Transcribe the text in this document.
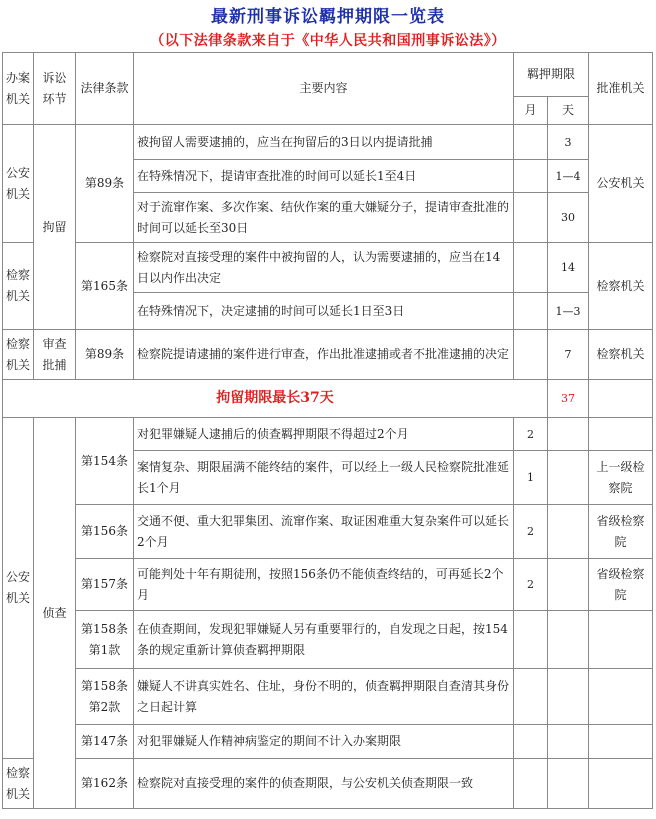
最新刑事诉讼羁押期限一览表
（以下法律条款来自于《中华人民共和国刑事诉讼法》）
办案机关	诉讼环节	法律条款	主要内容	羁押期限		批准机关
				月	天	
公安机关	拘留	第89条	被拘留人需要逮捕的，应当在拘留后的3日以内提请批捕		3	公安机关
			在特殊情况下，提请审查批准的时间可以延长1至4日		1—4	
			对于流窜作案、多次作案、结伙作案的重大嫌疑分子，提请审查批准的时间可以延长至30日		30	
检察机关		第165条	检察院对直接受理的案件中被拘留的人，认为需要逮捕的，应当在14日以内作出决定		14	检察机关
			在特殊情况下，决定逮捕的时间可以延长1日至3日		1—3	
检察机关	审查批捕	第89条	检察院提请逮捕的案件进行审查，作出批准逮捕或者不批准逮捕的决定		7	检察机关
拘留期限最长37天					37	
公安机关	侦查	第154条	对犯罪嫌疑人逮捕后的侦查羁押期限不得超过2个月	2		
			案情复杂、期限届满不能终结的案件，可以经上一级人民检察院批准延长1个月	1		上一级检察院
		第156条	交通不便、重大犯罪集团、流窜作案、取证困难重大复杂案件可以延长2个月	2		省级检察院
		第157条	可能判处十年有期徒刑，按照156条仍不能侦查终结的，可再延长2个月	2		省级检察院
		第158条第1款	在侦查期间，发现犯罪嫌疑人另有重要罪行的，自发现之日起，按154条的规定重新计算侦查羁押期限			
		第158条第2款	嫌疑人不讲真实姓名、住址，身份不明的，侦查羁押期限自查清其身份之日起计算			
		第147条	对犯罪嫌疑人作精神病鉴定的期间不计入办案期限			
检察机关		第162条	检察院对直接受理的案件的侦查期限，与公安机关侦查期限一致			
